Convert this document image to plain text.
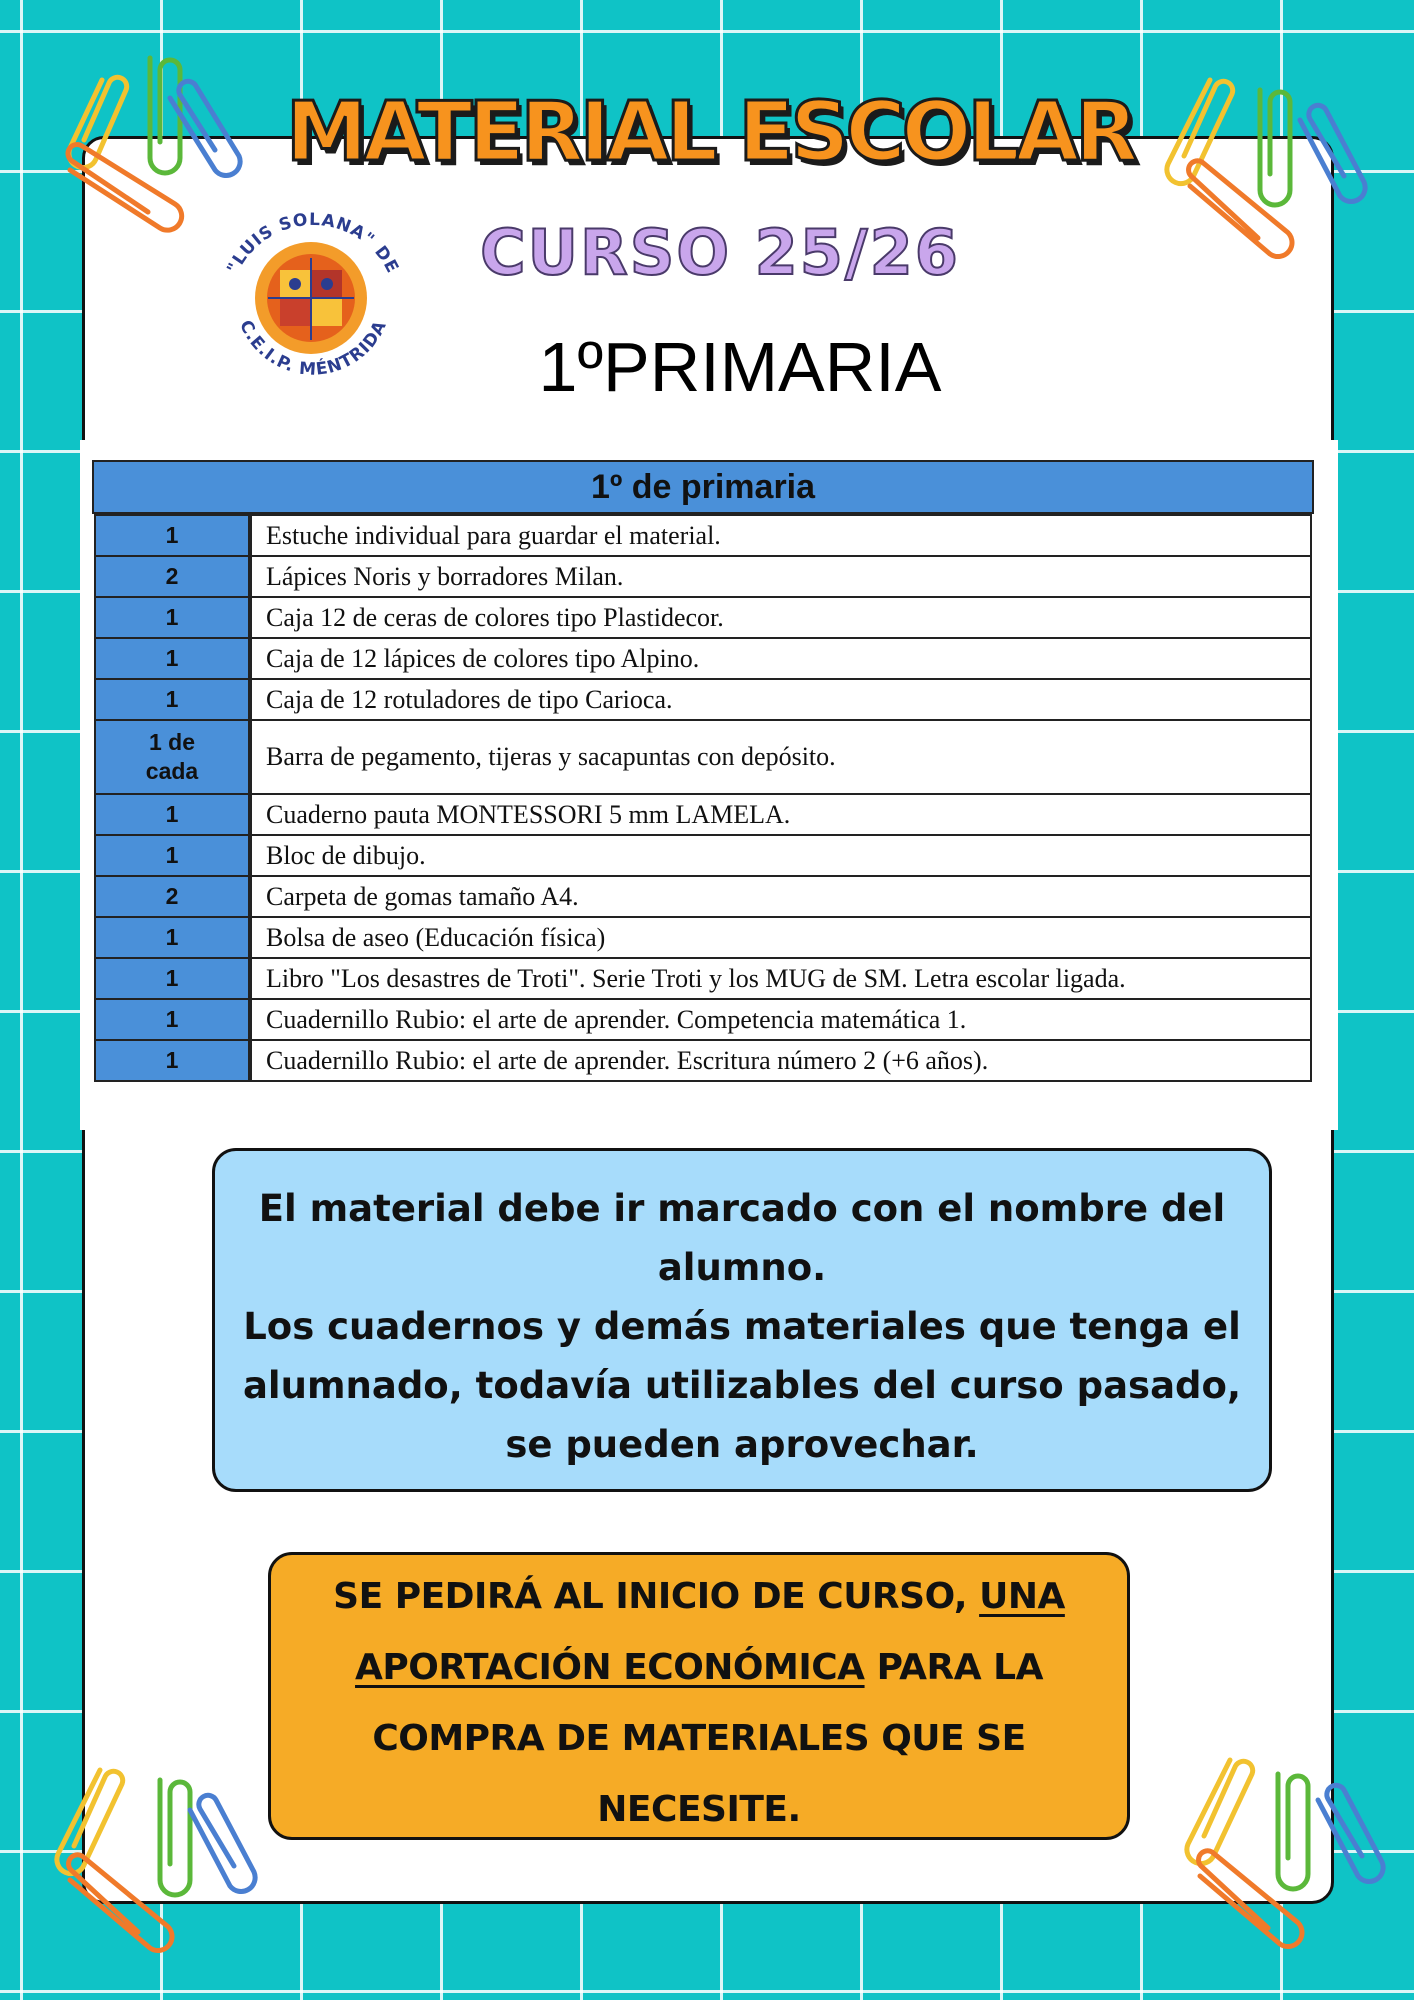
MATERIAL ESCOLAR
"LUIS SOLANA" DE
C.E.I.P. MÉNTRIDA
CURSO 25/26
1ºPRIMARIA
1º de primaria
1	Estuche individual para guardar el material.
2	Lápices Noris y borradores Milan.
1	Caja 12 de ceras de colores tipo Plastidecor.
1	Caja de 12 lápices de colores tipo Alpino.
1	Caja de 12 rotuladores de tipo Carioca.
1 de
cada	Barra de pegamento, tijeras y sacapuntas con depósito.
1	Cuaderno pauta MONTESSORI 5 mm LAMELA.
1	Bloc de dibujo.
2	Carpeta de gomas tamaño A4.
1	Bolsa de aseo (Educación física)
1	Libro "Los desastres de Troti". Serie Troti y los MUG de SM. Letra escolar ligada.
1	Cuadernillo Rubio: el arte de aprender. Competencia matemática 1.
1	Cuadernillo Rubio: el arte de aprender. Escritura número 2 (+6 años).

El material debe ir marcado con el nombre del alumno.

Los cuadernos y demás materiales que tenga el alumnado, todavía utilizables del curso pasado, se pueden aprovechar.

SE PEDIRÁ AL INICIO DE CURSO, UNA APORTACIÓN ECONÓMICA PARA LA COMPRA DE MATERIALES QUE SE NECESITE.
